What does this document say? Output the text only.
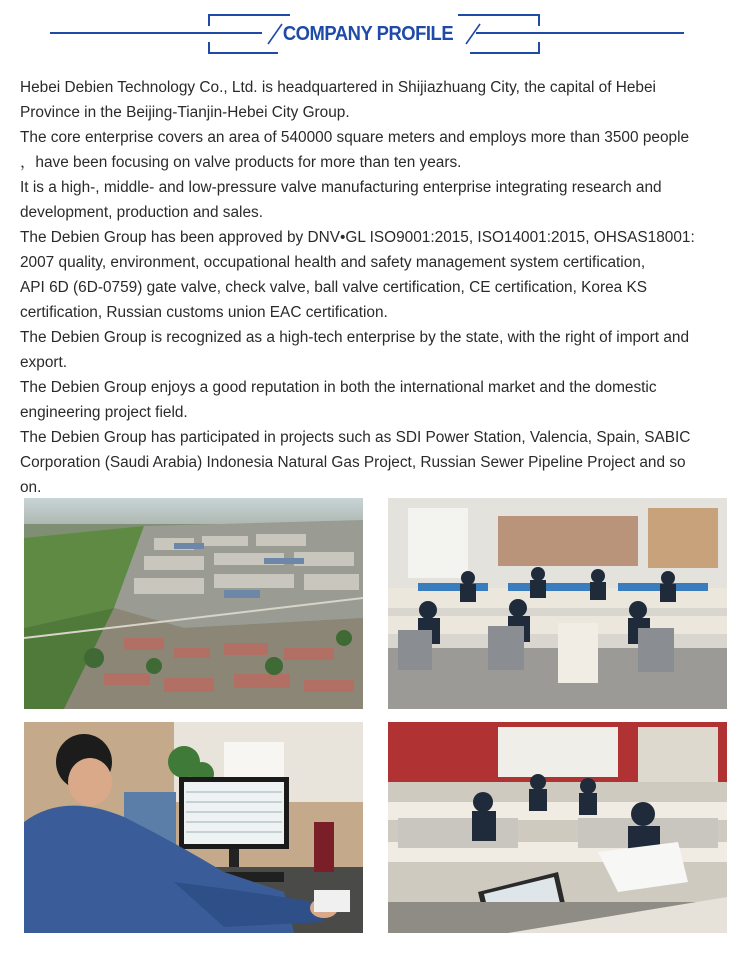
COMPANY PROFILE
Hebei Debien Technology Co., Ltd. is headquartered in Shijiazhuang City, the capital of Hebei
Province in the Beijing-Tianjin-Hebei City Group.
The core enterprise covers an area of 540000 square meters and employs more than 3500 people
，have been focusing on valve products for more than ten years.
It is a high-, middle- and low-pressure valve manufacturing enterprise integrating research and
development, production and sales.
The Debien Group has been approved by DNV•GL ISO9001:2015, ISO14001:2015, OHSAS18001:
2007 quality, environment, occupational health and safety management system certification,
API 6D (6D-0759) gate valve, check valve, ball valve certification, CE certification, Korea KS
certification, Russian customs union EAC certification.
The Debien Group is recognized as a high-tech enterprise by the state, with the right of import and
export.
The Debien Group enjoys a good reputation in both the international market and the domestic
engineering project field.
The Debien Group has participated in projects such as SDI Power Station, Valencia, Spain, SABIC
Corporation (Saudi Arabia) Indonesia Natural Gas Project, Russian Sewer Pipeline Project and so
on.
